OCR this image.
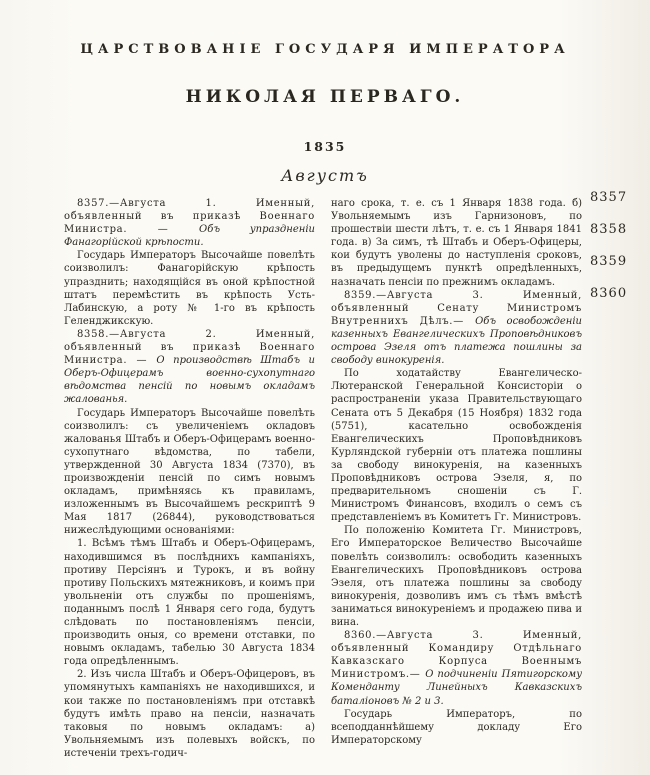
ЦАРСТВОВАНІЕ ГОСУДАРЯ ИМПЕРАТОРА
НИКОЛАЯ ПЕРВАГО.
1835
Августъ

8357.—Августа 1. Именный, объявленный въ приказѣ Военнаго Министра. — Объ упраздненіи Фанагорійской крѣпости.

Государь Императоръ Высочайше повелѣть соизволилъ: Фанагорійскую крѣпость упразднить; находящійся въ оной крѣпостной штатъ перемѣстить въ крѣпость Усть-Лабинскую, а роту № 1-го въ крѣпость Геленджикскую.

8358.—Августа 2. Именный, объявленный въ приказѣ Военнаго Министра. — О производствѣ Штабъ и Оберъ-Офицерамъ военно-сухопутнаго вѣдомства пенсій по новымъ окладамъ жалованья.

Государь Императоръ Высочайше повелѣть соизволилъ: съ увеличеніемъ окладовъ жалованья Штабъ и Оберъ-Офицерамъ военно-сухопутнаго вѣдомства, по табели, утвержденной 30 Августа 1834 (7370), въ произвожденіи пенсій по симъ новымъ окладамъ, примѣняясь къ правиламъ, изложеннымъ въ Высочайшемъ рескриптѣ 9 Мая 1817 (26844), руководствоваться нижеслѣдующими основаніями:

1. Всѣмъ тѣмъ Штабъ и Оберъ-Офицерамъ, находившимся въ послѣднихъ кампаніяхъ, противу Персіянъ и Турокъ, и въ войну противу Польскихъ мятежниковъ, и коимъ при увольненіи отъ службы по прошеніямъ, поданнымъ послѣ 1 Января сего года, будутъ слѣдовать по постановленіямъ пенсіи, производить оныя, со времени отставки, по новымъ окладамъ, табелью 30 Августа 1834 года опредѣленнымъ.

2. Изъ числа Штабъ и Оберъ-Офицеровъ, въ упомянутыхъ кампаніяхъ не находившихся, и кои также по постановленіямъ при отставкѣ будутъ имѣть право на пенсіи, назначать таковыя по новымъ окладамъ: а) Увольняемымъ изъ полевыхъ войскъ, по истеченіи трехъ-годич-

наго срока, т. е. съ 1 Января 1838 года. б) Увольняемымъ изъ Гарнизоновъ, по прошествіи шести лѣтъ, т. е. съ 1 Января 1841 года. в) За симъ, тѣ Штабъ и Оберъ-Офицеры, кои будутъ уволены до наступленія сроковъ, въ предыдущемъ пунктѣ опредѣленныхъ, назначать пенсіи по прежнимъ окладамъ.

8359.—Августа 3. Именный, объявленный Сенату Министромъ Внутреннихъ Дѣлъ.— Объ освобожденіи казенныхъ Евангелическихъ Проповѣдниковъ острова Эзеля отъ платежа пошлины за свободу винокуренія.

По ходатайству Евангелическо-Лютеранской Генеральной Консисторіи о распространеніи указа Правительствующаго Сената отъ 5 Декабря (15 Ноября) 1832 года (5751), касательно освобожденія Евангелическихъ Проповѣдниковъ Курляндской губерніи отъ платежа пошлины за свободу винокуренія, на казенныхъ Проповѣдниковъ острова Эзеля, я, по предварительномъ сношеніи съ Г. Министромъ Финансовъ, входилъ о семъ съ представленіемъ въ Комитетъ Гг. Министровъ.

По положенію Комитета Гг. Министровъ, Его Императорское Величество Высочайше повелѣть соизволилъ: освободить казенныхъ Евангелическихъ Проповѣдниковъ острова Эзеля, отъ платежа пошлины за свободу винокуренія, дозволивъ имъ съ тѣмъ вмѣстѣ заниматься винокуреніемъ и продажею пива и вина.

8360.—Августа 3. Именный, объявленный Командиру Отдѣльнаго Кавказскаго Корпуса Военнымъ Министромъ.— О подчиненіи Пятигорскому Коменданту Линейныхъ Кавказскихъ баталіоновъ № 2 и 3.

Государь Императоръ, по всеподданнѣйшему докладу Его Императорскому

8357
8358
8359
8360
